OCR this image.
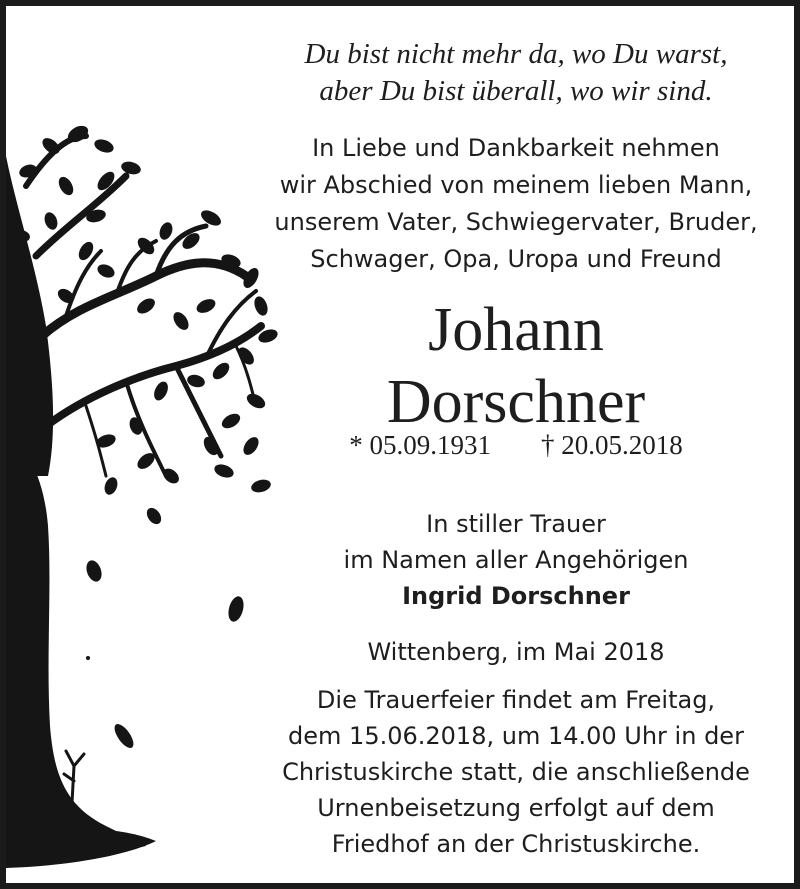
Du bist nicht mehr da, wo Du warst,
aber Du bist überall, wo wir sind.
In Liebe und Dankbarkeit nehmen
wir Abschied von meinem lieben Mann,
unserem Vater, Schwiegervater, Bruder,
Schwager, Opa, Uropa und Freund
Johann
Dorschner
* 05.09.1931 † 20.05.2018
In stiller Trauer
im Namen aller Angehörigen
Ingrid Dorschner
Wittenberg, im Mai 2018
Die Trauerfeier findet am Freitag,
dem 15.06.2018, um 14.00 Uhr in der
Christuskirche statt, die anschließende
Urnenbeisetzung erfolgt auf dem
Friedhof an der Christuskirche.
